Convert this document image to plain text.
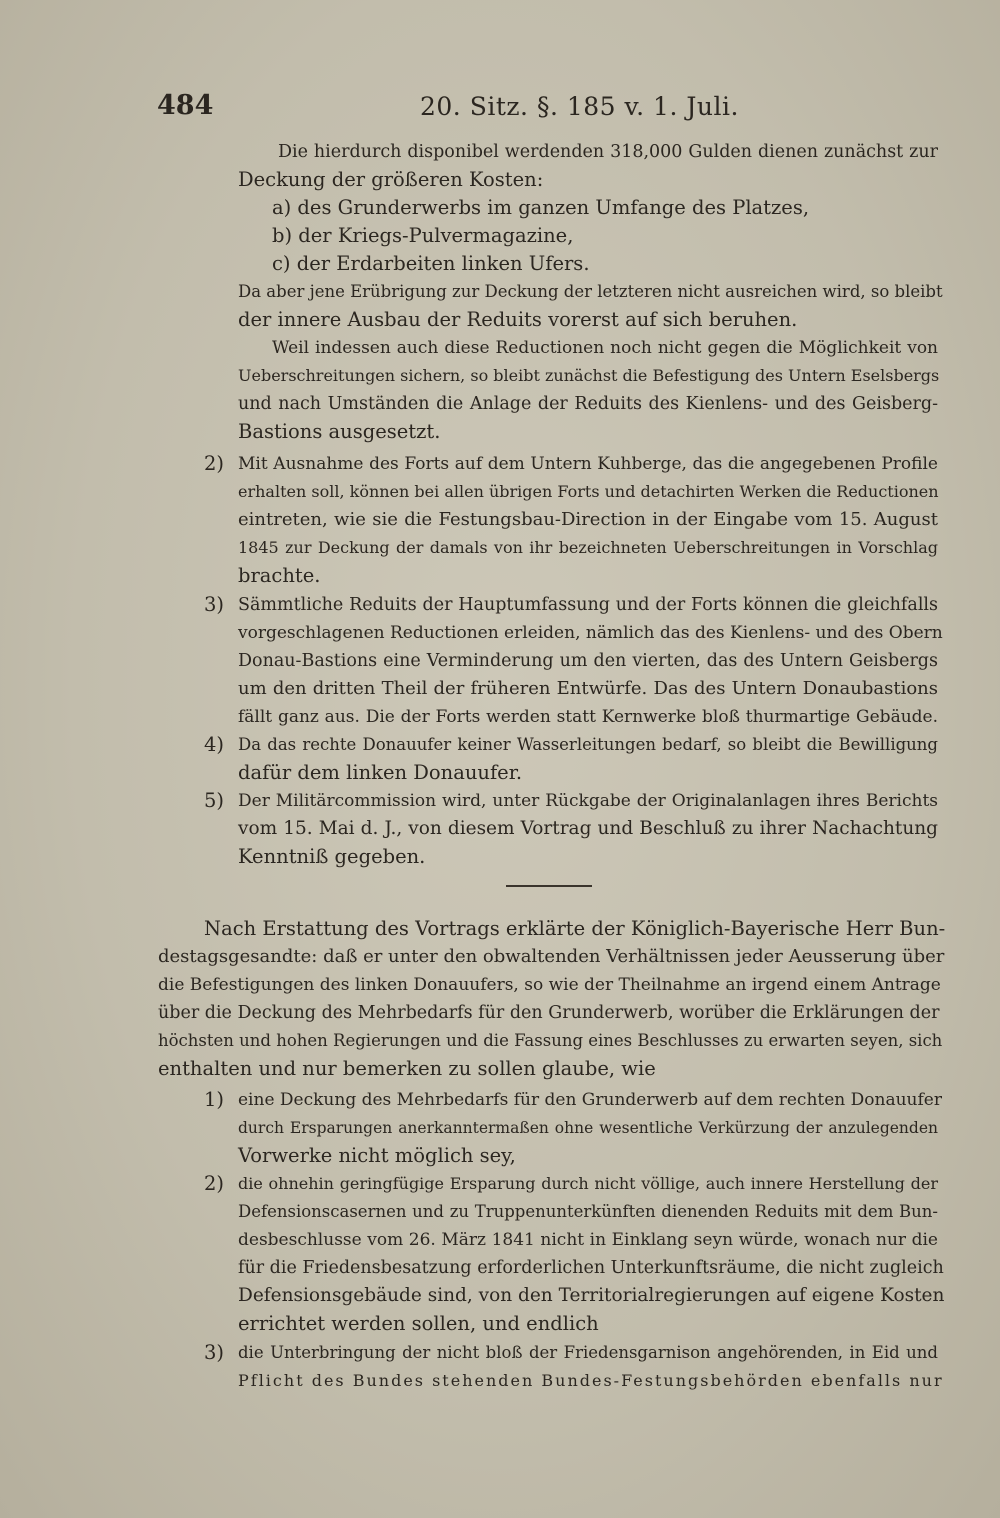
484	20. Sitz. §. 185 v. 1. Juli.
Die hierdurch disponibel werdenden 318,000 Gulden dienen zunächst zur
Deckung der größeren Kosten:
a) des Grunderwerbs im ganzen Umfange des Platzes,
b) der Kriegs-Pulvermagazine,
c) der Erdarbeiten linken Ufers.
Da aber jene Erübrigung zur Deckung der letzteren nicht ausreichen wird, so bleibt
der innere Ausbau der Reduits vorerst auf sich beruhen.
Weil indessen auch diese Reductionen noch nicht gegen die Möglichkeit von
Ueberschreitungen sichern, so bleibt zunächst die Befestigung des Untern Eselsbergs
und nach Umständen die Anlage der Reduits des Kienlens- und des Geisberg-
Bastions ausgesetzt.
2) Mit Ausnahme des Forts auf dem Untern Kuhberge, das die angegebenen Profile
erhalten soll, können bei allen übrigen Forts und detachirten Werken die Reductionen
eintreten, wie sie die Festungsbau-Direction in der Eingabe vom 15. August
1845 zur Deckung der damals von ihr bezeichneten Ueberschreitungen in Vorschlag
brachte.
3) Sämmtliche Reduits der Hauptumfassung und der Forts können die gleichfalls
vorgeschlagenen Reductionen erleiden, nämlich das des Kienlens- und des Obern
Donau-Bastions eine Verminderung um den vierten, das des Untern Geisbergs
um den dritten Theil der früheren Entwürfe. Das des Untern Donaubastions
fällt ganz aus. Die der Forts werden statt Kernwerke bloß thurmartige Gebäude.
4) Da das rechte Donauufer keiner Wasserleitungen bedarf, so bleibt die Bewilligung
dafür dem linken Donauufer.
5) Der Militärcommission wird, unter Rückgabe der Originalanlagen ihres Berichts
vom 15. Mai d. J., von diesem Vortrag und Beschluß zu ihrer Nachachtung
Kenntniß gegeben.
Nach Erstattung des Vortrags erklärte der Königlich-Bayerische Herr Bun-
destagsgesandte: daß er unter den obwaltenden Verhältnissen jeder Aeusserung über
die Befestigungen des linken Donauufers, so wie der Theilnahme an irgend einem Antrage
über die Deckung des Mehrbedarfs für den Grunderwerb, worüber die Erklärungen der
höchsten und hohen Regierungen und die Fassung eines Beschlusses zu erwarten seyen, sich
enthalten und nur bemerken zu sollen glaube, wie
1) eine Deckung des Mehrbedarfs für den Grunderwerb auf dem rechten Donauufer
durch Ersparungen anerkanntermaßen ohne wesentliche Verkürzung der anzulegenden
Vorwerke nicht möglich sey,
2) die ohnehin geringfügige Ersparung durch nicht völlige, auch innere Herstellung der
Defensionscasernen und zu Truppenunterkünften dienenden Reduits mit dem Bun-
desbeschlusse vom 26. März 1841 nicht in Einklang seyn würde, wonach nur die
für die Friedensbesatzung erforderlichen Unterkunftsräume, die nicht zugleich
Defensionsgebäude sind, von den Territorialregierungen auf eigene Kosten
errichtet werden sollen, und endlich
3) die Unterbringung der nicht bloß der Friedensgarnison angehörenden, in Eid und
Pflicht des Bundes stehenden Bundes-Festungsbehörden ebenfalls nur
